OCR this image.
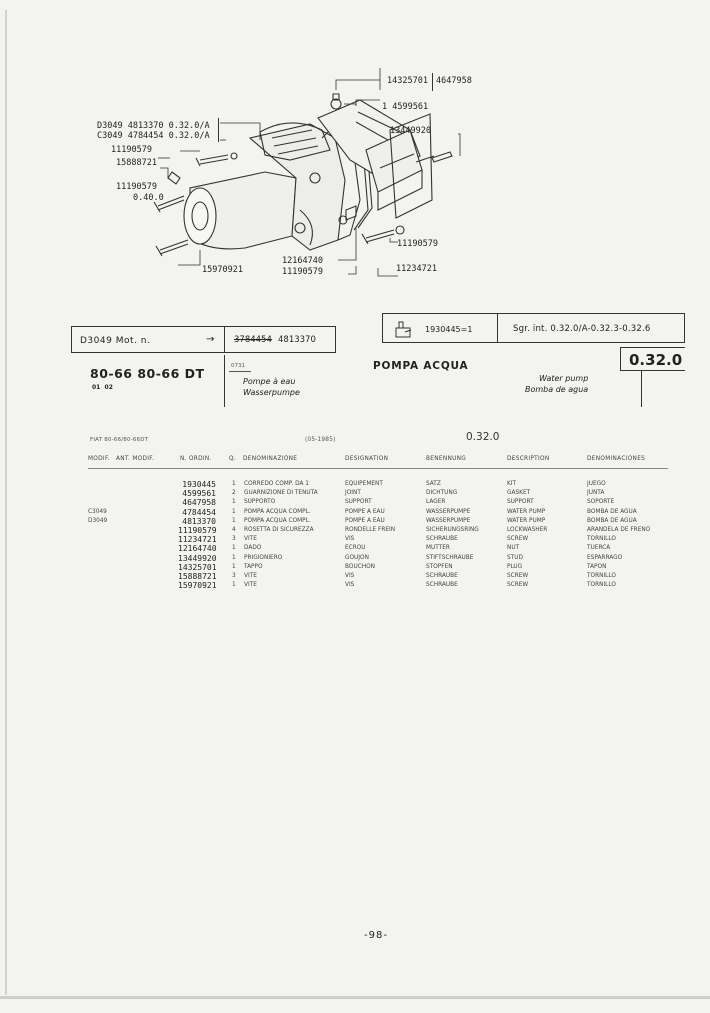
14325701 4647958
1 4599561
13449920
D3049 4813370 0.32.0/A
C3049 4784454 0.32.0/A
11190579
15888721
11190579
0.40.0
11190579
12164740
15970921	11190579	11234721
D3049 Mot. n.	→ 3784454 4813370
1930445=1	Sgr. int. 0.32.0/A-0.32.3-0.32.6
0731	POMPA ACQUA
Pompe à eau
Wasserpumpe
Water pump
Bomba de agua
0.32.0
80-66 80-66 DT
01  02
FIAT 80-66/80-66DT	(05-1985)	0.32.0
MODIF. ANT. MODIF.	N. ORDIN.	Q. DENOMINAZIONE	DESIGNATION	BENENNUNG	DESCRIPTION	DENOMINACIONES
1930445	1 CORREDO COMP. DA 1	EQUIPEMENT	SATZ	KIT	JUEGO
4599561	2 GUARNIZIONE DI TENUTA	JOINT	DICHTUNG	GASKET	JUNTA
4647958	1 SUPPORTO	SUPPORT	LAGER	SUPPORT	SOPORTE
C3049	4784454	1 POMPA ACQUA COMPL.	POMPE A EAU	WASSERPUMPE	WATER PUMP	BOMBA DE AGUA
D3049	4813370	1 POMPA ACQUA COMPL.	POMPE A EAU	WASSERPUMPE	WATER PUMP	BOMBA DE AGUA
11190579	4 ROSETTA DI SICUREZZA	RONDELLE FREIN	SICHERUNGSRING	LOCKWASHER	ARANDELA DE FRENO
11234721	3 VITE	VIS	SCHRAUBE	SCREW	TORNILLO
12164740	1 DADO	ECROU	MUTTER	NUT	TUERCA
13449920	1 PRIGIONIERO	GOUJON	STIFTSCHRAUBE	STUD	ESPARRAGO
14325701	1 TAPPO	BOUCHON	STOPFEN	PLUG	TAPON
15888721	3 VITE	VIS	SCHRAUBE	SCREW	TORNILLO
15970921	1 VITE	VIS	SCHRAUBE	SCREW	TORNILLO
-98-
